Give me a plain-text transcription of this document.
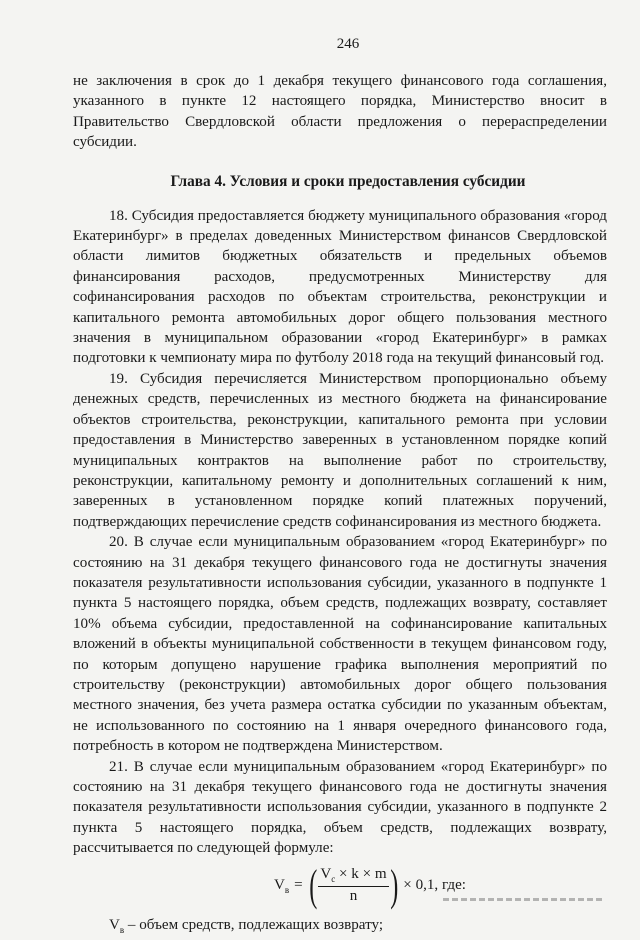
246

не заключения в срок до 1 декабря текущего финансового года соглашения, указанного в пункте 12 настоящего порядка, Министерство вносит в Правительство Свердловской области предложения о перераспределении субсидии.

Глава 4. Условия и сроки предоставления субсидии

18. Субсидия предоставляется бюджету муниципального образования «город Екатеринбург» в пределах доведенных Министерством финансов Свердловской области лимитов бюджетных обязательств и предельных объемов финансирования расходов, предусмотренных Министерству для софинансирования расходов по объектам строительства, реконструкции и капитального ремонта автомобильных дорог общего пользования местного значения в муниципальном образовании «город Екатеринбург» в рамках подготовки к чемпионату мира по футболу 2018 года на текущий финансовый год.

19. Субсидия перечисляется Министерством пропорционально объему денежных средств, перечисленных из местного бюджета на финансирование объектов строительства, реконструкции, капитального ремонта при условии предоставления в Министерство заверенных в установленном порядке копий муниципальных контрактов на выполнение работ по строительству, реконструкции, капитальному ремонту и дополнительных соглашений к ним, заверенных в установленном порядке копий платежных поручений, подтверждающих перечисление средств софинансирования из местного бюджета.

20. В случае если муниципальным образованием «город Екатеринбург» по состоянию на 31 декабря текущего финансового года не достигнуты значения показателя результативности использования субсидии, указанного в подпункте 1 пункта 5 настоящего порядка, объем средств, подлежащих возврату, составляет 10% объема субсидии, предоставленной на софинансирование капитальных вложений в объекты муниципальной собственности в текущем финансовом году, по которым допущено нарушение графика выполнения мероприятий по строительству (реконструкции) автомобильных дорог общего пользования местного значения, без учета размера остатка субсидии по указанным объектам, не использованного по состоянию на 1 января очередного финансового года, потребность в котором не подтверждена Министерством.

21. В случае если муниципальным образованием «город Екатеринбург» по состоянию на 31 декабря текущего финансового года не достигнуты значения показателя результативности использования субсидии, указанного в подпункте 2 пункта 5 настоящего порядка, объем средств, подлежащих возврату, рассчитывается по следующей формуле:

$V_в$ = ( $\frac{V_с \times k \times m}{n}$ ) × 0,1, где:

$V_в$ – объем средств, подлежащих возврату;
